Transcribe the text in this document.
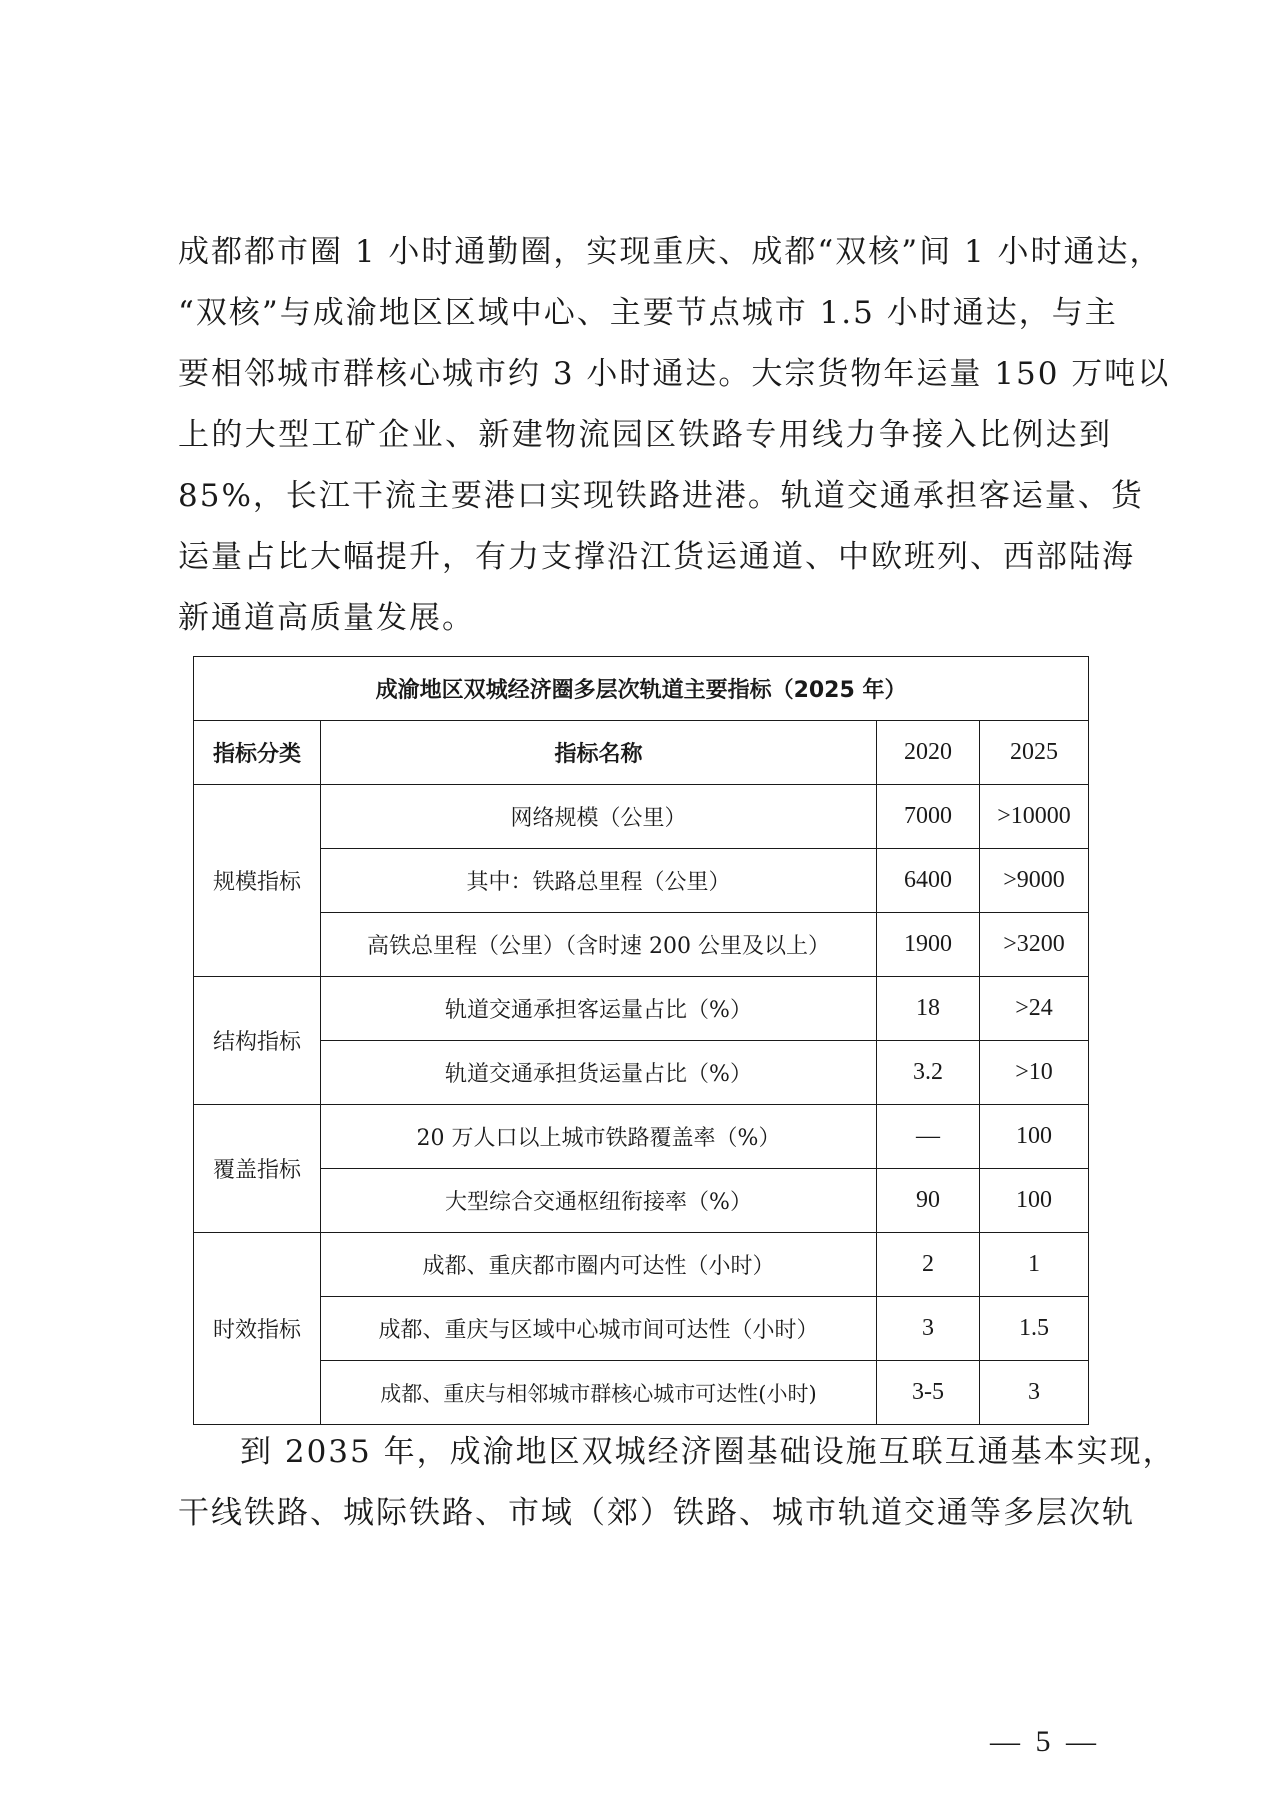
成都都市圈 1 小时通勤圈，实现重庆、成都“双核”间 1 小时通达，
“双核”与成渝地区区域中心、主要节点城市 1.5 小时通达，与主
要相邻城市群核心城市约 3 小时通达。大宗货物年运量 150 万吨以
上的大型工矿企业、新建物流园区铁路专用线力争接入比例达到
85%，长江干流主要港口实现铁路进港。轨道交通承担客运量、货
运量占比大幅提升，有力支撑沿江货运通道、中欧班列、西部陆海
新通道高质量发展。
成渝地区双城经济圈多层次轨道主要指标（2025 年）			
指标分类	指标名称	2020	2025
规模指标	网络规模（公里）	7000	>10000
	其中：铁路总里程（公里）	6400	>9000
	高铁总里程（公里）（含时速 200 公里及以上）	1900	>3200
结构指标	轨道交通承担客运量占比（%）	18	>24
	轨道交通承担货运量占比（%）	3.2	>10
覆盖指标	20 万人口以上城市铁路覆盖率（%）	—	100
	大型综合交通枢纽衔接率（%）	90	100
时效指标	成都、重庆都市圈内可达性（小时）	2	1
	成都、重庆与区域中心城市间可达性（小时）	3	1.5
	成都、重庆与相邻城市群核心城市可达性(小时)	3-5	3
到 2035 年，成渝地区双城经济圈基础设施互联互通基本实现，
干线铁路、城际铁路、市域（郊）铁路、城市轨道交通等多层次轨
— 5 —
